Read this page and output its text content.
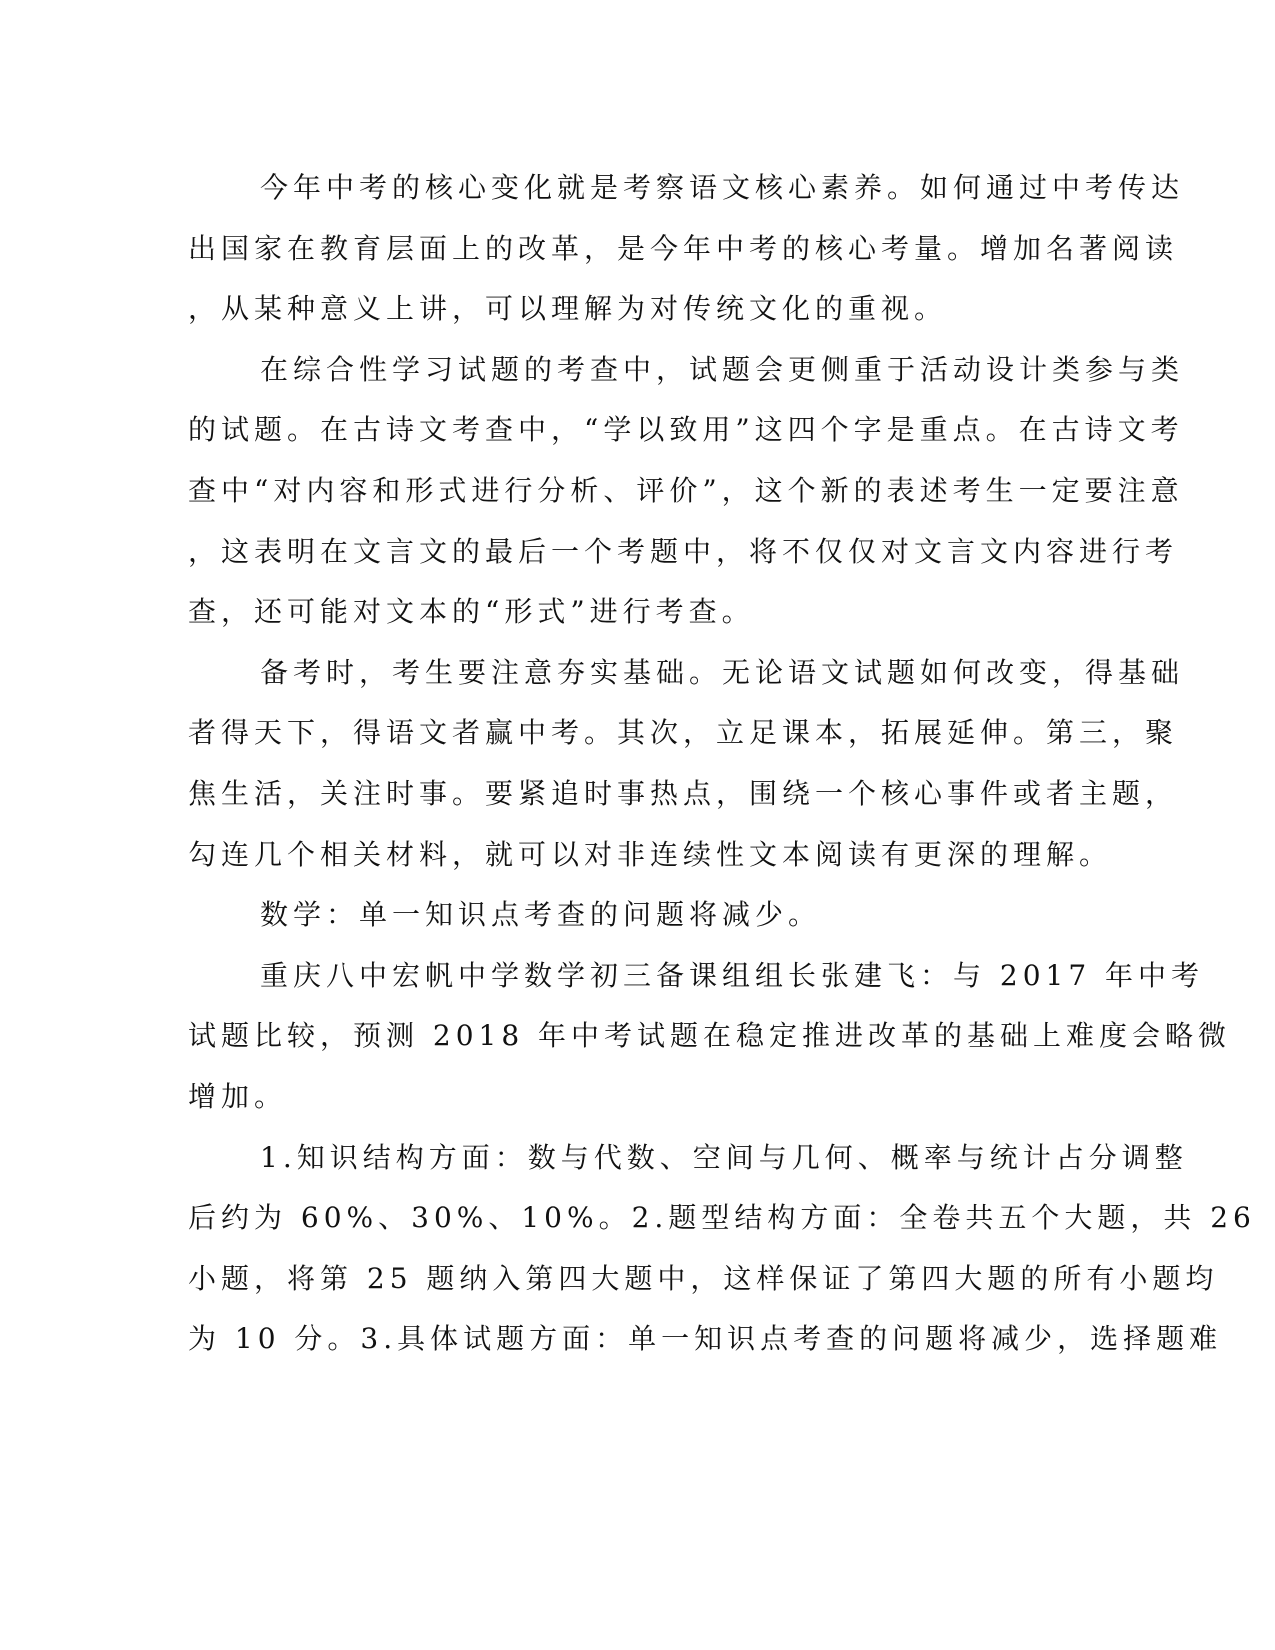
今年中考的核心变化就是考察语文核心素养。如何通过中考传达
出国家在教育层面上的改革，是今年中考的核心考量。增加名著阅读
，从某种意义上讲，可以理解为对传统文化的重视。
在综合性学习试题的考查中，试题会更侧重于活动设计类参与类
的试题。在古诗文考查中，“学以致用”这四个字是重点。在古诗文考
查中“对内容和形式进行分析、评价”，这个新的表述考生一定要注意
，这表明在文言文的最后一个考题中，将不仅仅对文言文内容进行考
查，还可能对文本的“形式”进行考查。
备考时，考生要注意夯实基础。无论语文试题如何改变，得基础
者得天下，得语文者赢中考。其次，立足课本，拓展延伸。第三，聚
焦生活，关注时事。要紧追时事热点，围绕一个核心事件或者主题，
勾连几个相关材料，就可以对非连续性文本阅读有更深的理解。
数学：单一知识点考查的问题将减少。
重庆八中宏帆中学数学初三备课组组长张建飞：与 2017 年中考
试题比较，预测 2018 年中考试题在稳定推进改革的基础上难度会略微
增加。
1.知识结构方面：数与代数、空间与几何、概率与统计占分调整
后约为 60%、30%、10%。2.题型结构方面：全卷共五个大题，共 26
小题，将第 25 题纳入第四大题中，这样保证了第四大题的所有小题均
为 10 分。3.具体试题方面：单一知识点考查的问题将减少，选择题难
